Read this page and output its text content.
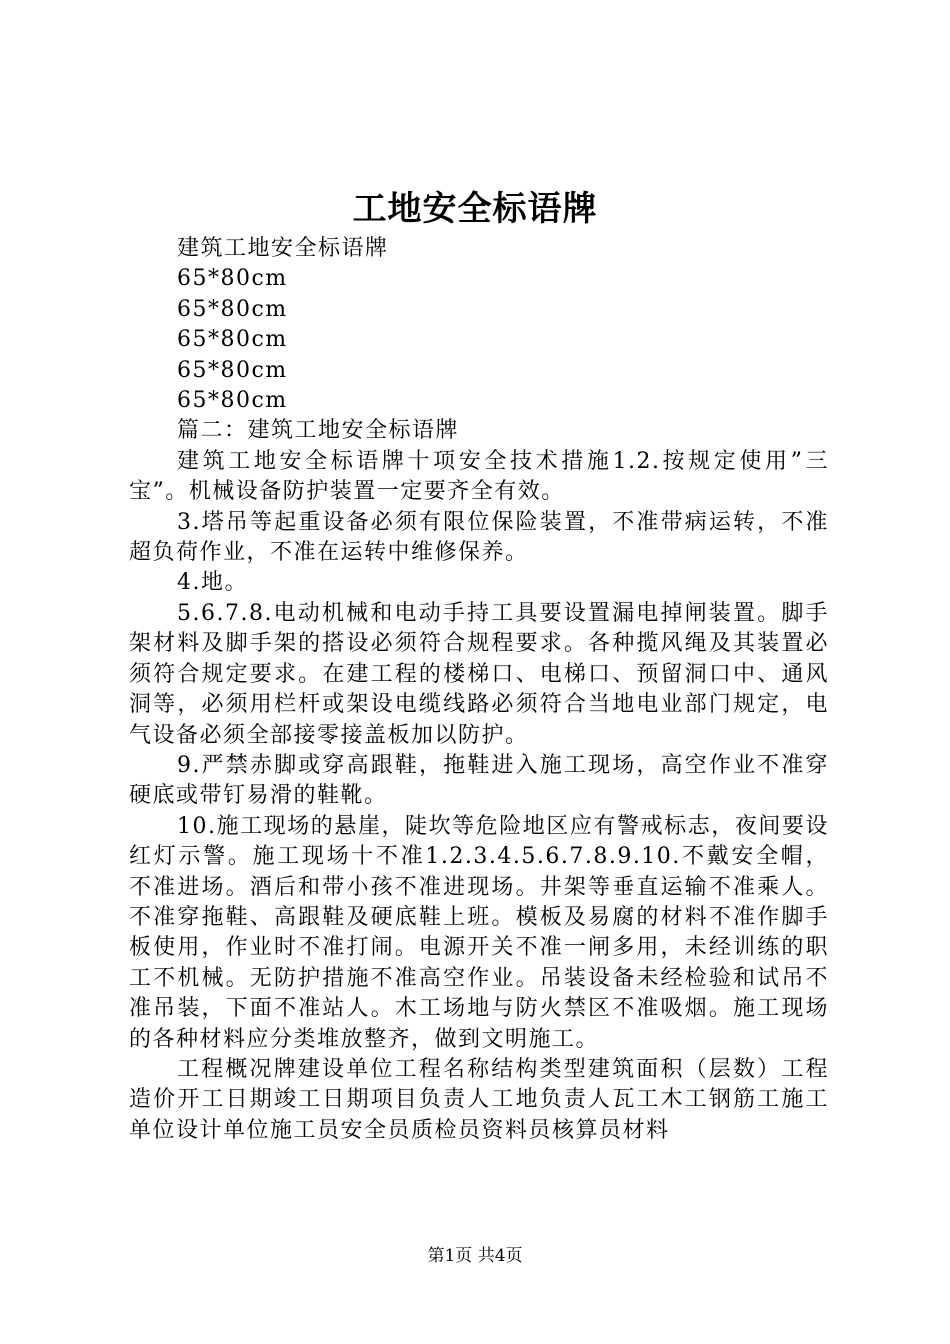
工地安全标语牌
建筑工地安全标语牌
65*80cm
65*80cm
65*80cm
65*80cm
65*80cm
篇二：建筑工地安全标语牌
建筑工地安全标语牌十项安全技术措施1.2.按规定使用”三宝”。机械设备防护装置一定要齐全有效。
3.塔吊等起重设备必须有限位保险装置，不准带病运转，不准超负荷作业，不准在运转中维修保养。
4.地。
5.6.7.8.电动机械和电动手持工具要设置漏电掉闸装置。脚手架材料及脚手架的搭设必须符合规程要求。各种揽风绳及其装置必须符合规定要求。在建工程的楼梯口、电梯口、预留洞口中、通风洞等，必须用栏杆或架设电缆线路必须符合当地电业部门规定，电气设备必须全部接零接盖板加以防护。
9.严禁赤脚或穿高跟鞋，拖鞋进入施工现场，高空作业不准穿硬底或带钉易滑的鞋靴。
10.施工现场的悬崖，陡坎等危险地区应有警戒标志，夜间要设红灯示警。施工现场十不准1.2.3.4.5.6.7.8.9.10.不戴安全帽，不准进场。酒后和带小孩不准进现场。井架等垂直运输不准乘人。不准穿拖鞋、高跟鞋及硬底鞋上班。模板及易腐的材料不准作脚手板使用，作业时不准打闹。电源开关不准一闸多用，未经训练的职工不机械。无防护措施不准高空作业。吊装设备未经检验和试吊不准吊装，下面不准站人。木工场地与防火禁区不准吸烟。施工现场的各种材料应分类堆放整齐，做到文明施工。
工程概况牌建设单位工程名称结构类型建筑面积（层数）工程造价开工日期竣工日期项目负责人工地负责人瓦工木工钢筋工施工单位设计单位施工员安全员质检员资料员核算员材料
第1页 共4页
